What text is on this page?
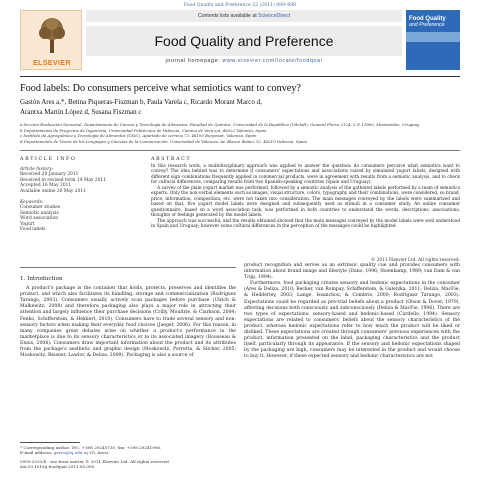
Food Quality and Preference 22 (2011) 689–698
ELSEVIER
Contents lists available at ScienceDirect
Food Quality and Preference
journal homepage: www.elsevier.com/locate/foodqual
Food Quality
and Preference
Food labels: Do consumers perceive what semiotics want to convey?
Gastón Ares a,*, Betina Piqueras-Fiszman b, Paula Varela c, Ricardo Morant Marco d,
Arantxa Martín López d, Susana Fiszman c
a Sección Evaluación Sensorial, Departamento de Ciencia y Tecnología de Alimentos, Facultad de Química, Universidad de la República (UdelaR), General Flores 2124, C.P. 11800, Montevideo, Uruguay
b Departamento de Proyectos de Ingeniería, Universidad Politécnica de Valencia, Camino de Vera s/n, 46022 Valencia, Spain
c Instituto de Agroquímica y Tecnología de Alimentos (CSIC), Apartado de correos 73, 46100 Burjassot, Valencia, Spain
d Departamento de Teoría de los Lenguajes y Ciencias de la Comunicación, Universidad de Valencia, Av. Blasco Ibáñez 32, 46010 Valencia, Spain
ARTICLE INFO	ABSTRACT
Article history:
Received 20 January 2011
Received in revised form 14 May 2011
Accepted 16 May 2011
Available online 20 May 2011
Keywords:
Consumer studies
Semiotic analysis
Word association
Yogurt
Food labels

In this research work, a multidisciplinary approach was applied to answer the question: do consumers perceive what semiotics want to convey? The idea behind was to determine if consumers' expectations and associations raised by simulated yogurt labels, designed with different sign combinations frequently applied in commercial products, were in agreement with results from a semiotic analysis, and to check for cultural differences, comparing results from two Spanish-speaking countries (Spain and Uruguay).

A survey of the plain yogurt market was performed, followed by a semiotic analysis of the gathered labels performed by a team of semiotics experts. Only the non-verbal elements such as images, visual structure, colors, typography and their combinations, were considered, so brand, price, information, composition, etc. were not taken into consideration. The main messages conveyed by the labels were summarized and based on that, five yogurt model labels were designed and subsequently used as stimuli in a consumer study. An online consumer questionnaire, based on a word association task, was performed in both countries to understand the words, descriptions, associations, thoughts or feelings generated by the model labels.

The approach was successful, and the results obtained showed that the main messages conveyed by the model labels were well understood in Spain and Uruguay; however some cultural differences in the perception of the messages could be highlighted.

© 2011 Elsevier Ltd. All rights reserved.
1. Introduction

A product's package is the container that holds, protects, preserves and identifies the product, and which also facilitates its handling, storage and commercialization (Rodríguez Tarango, 2003). Consumers usually actively scan packages before purchase (Ulrich & Malkewitz, 2008) and therefore packaging also plays a major role in attracting their attention and largely influence their purchase decisions (Crilly, Moultrie, & Clarkson, 2004; Fenko, Schifferstein, & Hekkert, 2010). Consumers have to trade several sensory and non-sensory factors when making their everyday food choices (Jaeger, 2006). For this reason, in many companies great debates arise on whether a product's performance in the marketplace is due to its sensory characteristics or to its associated imagery (Rousseau & Ennis, 2008). Consumers draw important information about the product and its attributes from the package's aesthetic and graphic design (Moskowitz, Porretta, & Silcher, 2005; Moskowitz, Reisner, Lawlor, & Deliza, 2009). Packaging is also a source of

product recognition and serves as an extrinsic quality cue and provides consumers with information about brand image and lifestyle (Dano, 1996; Steenkamp, 1989; van Dam & van Trijp, 1994).

Furthermore, food packaging creates sensory and hedonic expectations in the consumer (Ares & Deliza, 2010; Becker, van Rompay, Schifferstein, & Galetzka, 2011; Deliza, MacFie, & Hedderley, 2003; Lange, Issanchou, & Combris, 2000; Rodríguez Tarango, 2003). Expectations could be regarded as pre-trial beliefs about a product (Olson & Dover, 1979), affecting decisions both consciously and subconsciously (Deliza & MacFie, 1996). There are two types of expectations: sensory-based and hedonic-based (Cardello, 1994). Sensory expectations are related to consumers' beliefs about the sensory characteristics of the product, whereas hedonic expectations refer to how much the product will be liked or disliked. These expectations are created through consumers' previous experiences with the product, information presented on the label, packaging characteristics and the product itself, particularly through its appearance. If the sensory and hedonic expectations shaped by the packaging are high, consumers may be interested in the product and would choose to buy it. However, if these expected sensory and hedonic characteristics are not

* Corresponding author. Tel.: +598 29245735; fax: +598 29241906.
E-mail address: gares@fq.edu.uy (G. Ares).
0950-3293/$ - see front matter © 2011 Elsevier Ltd. All rights reserved.
doi:10.1016/j.foodqual.2011.05.008
